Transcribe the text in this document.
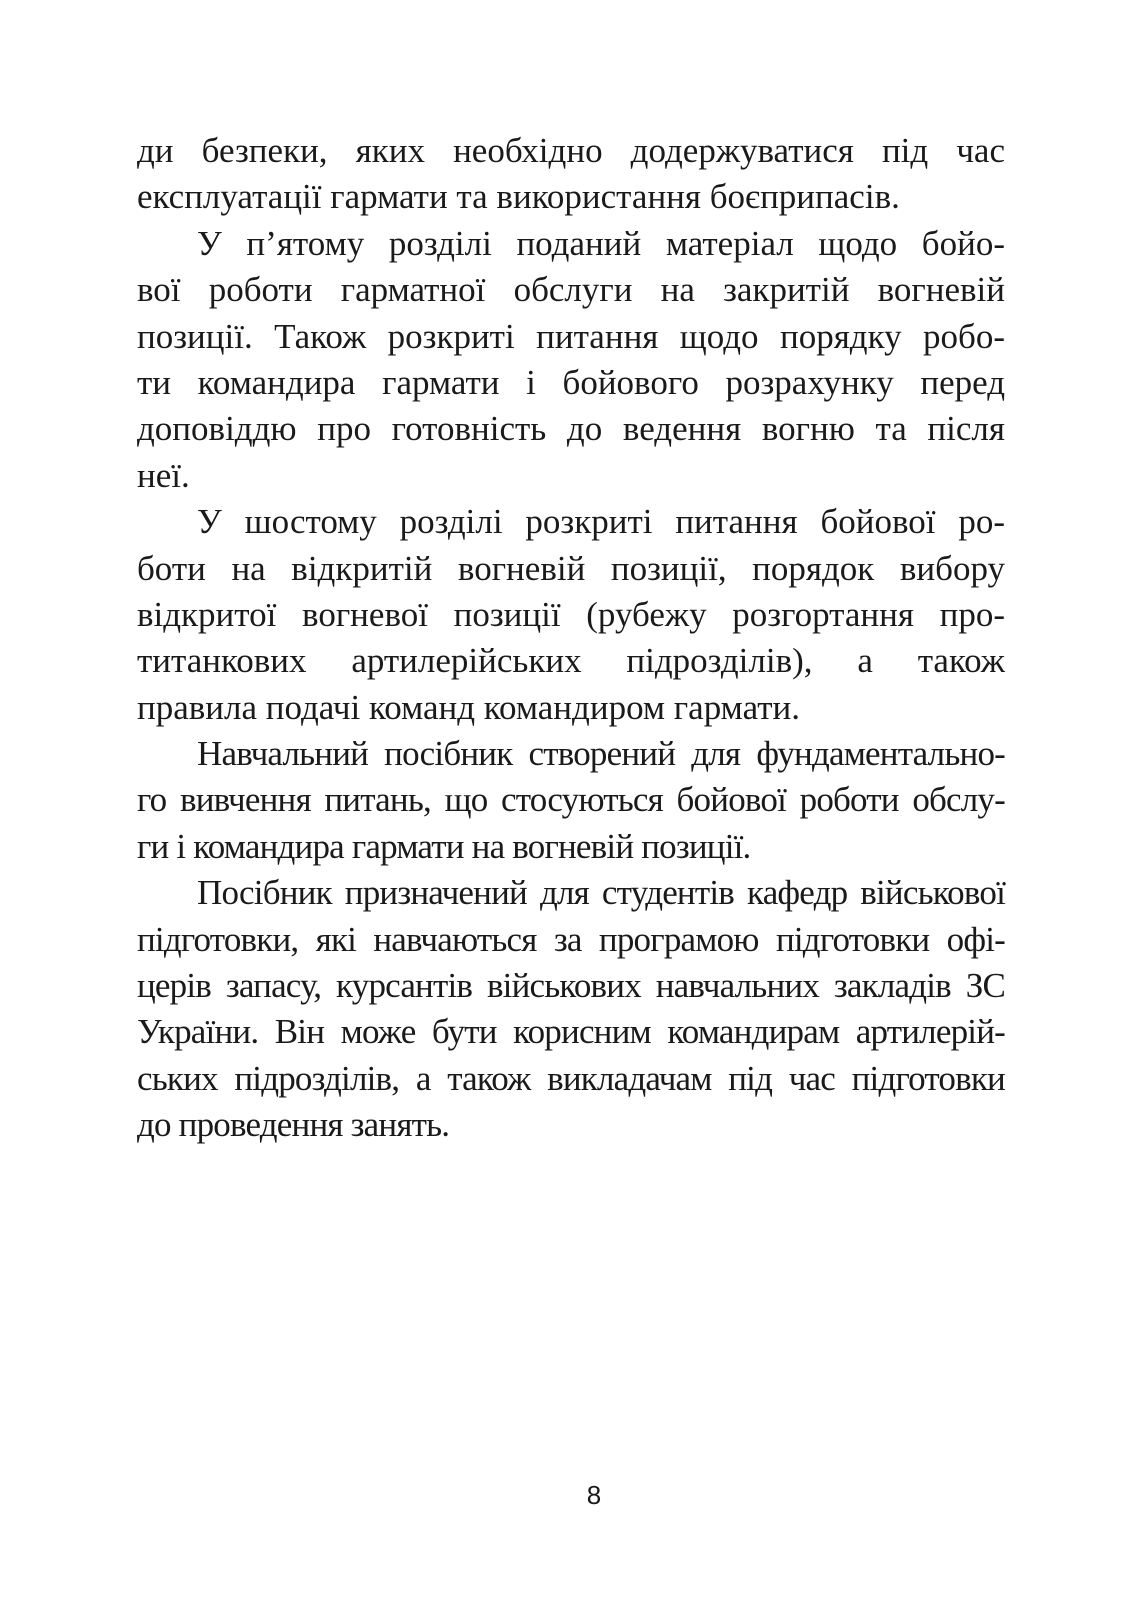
ди безпеки, яких необхідно додержуватися під час
експлуатації гармати та використання боєприпасів.
У п’ятому розділі поданий матеріал щодо бойо-
вої роботи гарматної обслуги на закритій вогневій
позиції. Також розкриті питання щодо порядку робо-
ти командира гармати і бойового розрахунку перед
доповіддю про готовність до ведення вогню та після
неї.
У шостому розділі розкриті питання бойової ро-
боти на відкритій вогневій позиції, порядок вибору
відкритої вогневої позиції (рубежу розгортання про-
титанкових артилерійських підрозділів), а також
правила подачі команд командиром гармати.
Навчальний посібник створений для фундаментально-
го вивчення питань, що стосуються бойової роботи обслу-
ги і командира гармати на вогневій позиції.
Посібник призначений для студентів кафедр військової
підготовки, які навчаються за програмою підготовки офі-
церів запасу, курсантів військових навчальних закладів ЗС
України. Він може бути корисним командирам артилерій-
ських підрозділів, а також викладачам під час підготовки
до проведення занять.
8
